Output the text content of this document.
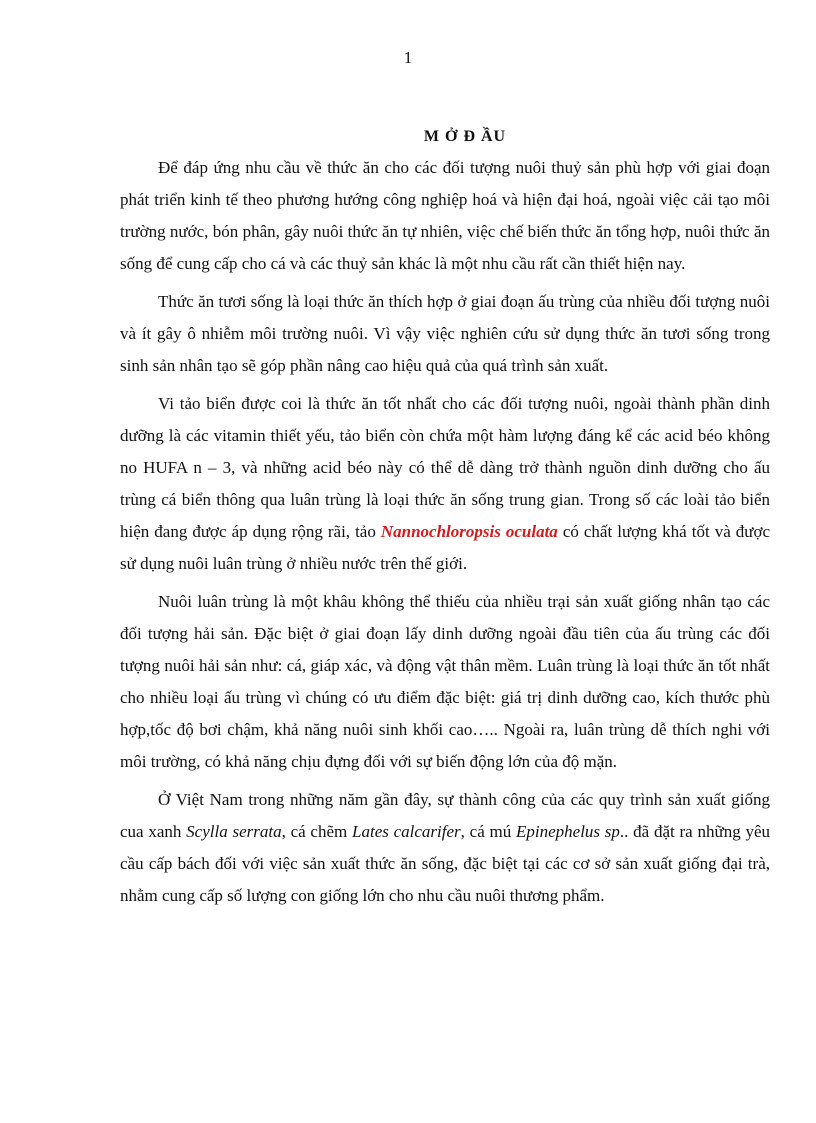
1
M Ở Đ ẦU

Để đáp ứng nhu cầu về thức ăn cho các đối tượng nuôi thuỷ sản phù hợp với giai đoạn phát triển kinh tế theo phương hướng công nghiệp hoá và hiện đại hoá, ngoài việc cải tạo môi trường nước, bón phân, gây nuôi thức ăn tự nhiên, việc chế biến thức ăn tổng hợp, nuôi thức ăn sống để cung cấp cho cá và các thuỷ sản khác là một nhu cầu rất cần thiết hiện nay.

Thức ăn tươi sống là loại thức ăn thích hợp ở giai đoạn ấu trùng của nhiều đối tượng nuôi và ít gây ô nhiễm môi trường nuôi. Vì vậy việc nghiên cứu sử dụng thức ăn tươi sống trong sinh sản nhân tạo sẽ góp phần nâng cao hiệu quả của quá trình sản xuất.

Vi tảo biển được coi là thức ăn tốt nhất cho các đối tượng nuôi, ngoài thành phần dinh dưỡng là các vitamin thiết yếu, tảo biển còn chứa một hàm lượng đáng kể các acid béo không no HUFA n – 3, và những acid béo này có thể dễ dàng trở thành nguồn dinh dưỡng cho ấu trùng cá biển thông qua luân trùng là loại thức ăn sống trung gian. Trong số các loài tảo biển hiện đang được áp dụng rộng rãi, tảo Nannochloropsis oculata có chất lượng khá tốt và được sử dụng nuôi luân trùng ở nhiều nước trên thế giới.

Nuôi luân trùng là một khâu không thể thiếu của nhiều trại sản xuất giống nhân tạo các đối tượng hải sản. Đặc biệt ở giai đoạn lấy dinh dưỡng ngoài đầu tiên của ấu trùng các đối tượng nuôi hải sản như: cá, giáp xác, và động vật thân mềm. Luân trùng là loại thức ăn tốt nhất cho nhiều loại ấu trùng vì chúng có ưu điểm đặc biệt: giá trị dinh dưỡng cao, kích thước phù hợp,tốc độ bơi chậm, khả năng nuôi sinh khối cao….. Ngoài ra, luân trùng dễ thích nghi với môi trường, có khả năng chịu đựng đối với sự biến động lớn của độ mặn.

Ở Việt Nam trong những năm gần đây, sự thành công của các quy trình sản xuất giống cua xanh Scylla serrata, cá chẽm Lates calcarifer, cá mú Epinephelus sp.. đã đặt ra những yêu cầu cấp bách đối với việc sản xuất thức ăn sống, đặc biệt tại các cơ sở sản xuất giống đại trà, nhằm cung cấp số lượng con giống lớn cho nhu cầu nuôi thương phẩm.
